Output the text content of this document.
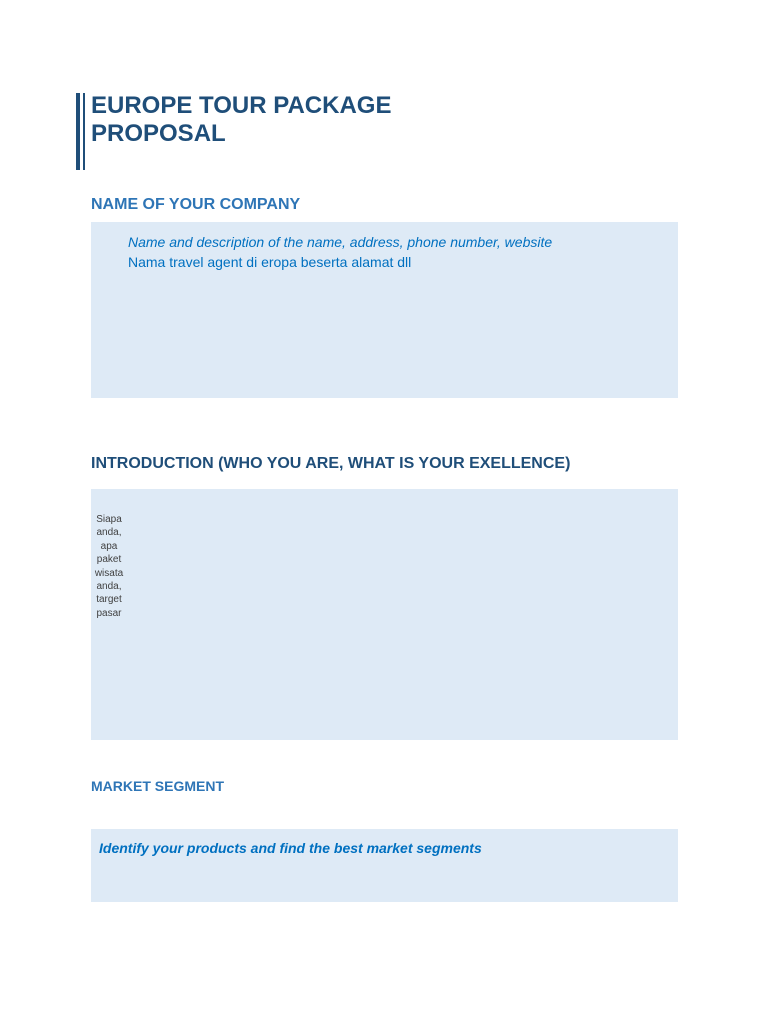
EUROPE TOUR PACKAGE
PROPOSAL
NAME OF YOUR COMPANY

Name and description of the name, address, phone number, website

Nama travel agent di eropa beserta alamat dll

INTRODUCTION (WHO YOU ARE, WHAT IS YOUR EXELLENCE)
Siapa
anda,
apa
paket
wisata
anda,
target
pasar
MARKET SEGMENT

Identify your products and find the best market segments
